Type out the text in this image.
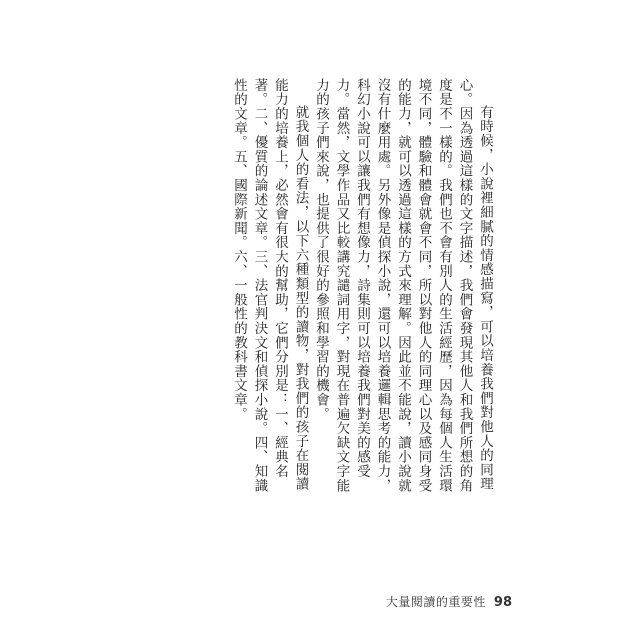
有時候，小說裡細膩的情感描寫，可以培養我們對他人的同理心。因為透過這樣的文字描述，我們會發現其他人和我們所想的角度是不一樣的。我們也不會有別人的生活經歷，因為每個人生活環境不同，體驗和體會就會不同，所以對他人的同理心以及感同身受的能力，就可以透過這樣的方式來理解。因此並不能說，讀小說就沒有什麼用處。另外像是偵探小說，還可以培養邏輯思考的能力，科幻小說可以讓我們有想像力，詩集則可以培養我們對美的感受力。當然，文學作品又比較講究譴詞用字，對現在普遍欠缺文字能力的孩子們來說，也提供了很好的參照和學習的機會。

就我個人的看法，以下六種類型的讀物，對我們的孩子在閱讀能力的培養上，必然會有很大的幫助，它們分別是：一、經典名著。二、優質的論述文章。三、法官判決文和偵探小說。四、知識性的文章。五、國際新聞。六、一般性的教科書文章。

大量閱讀的重要性 98
